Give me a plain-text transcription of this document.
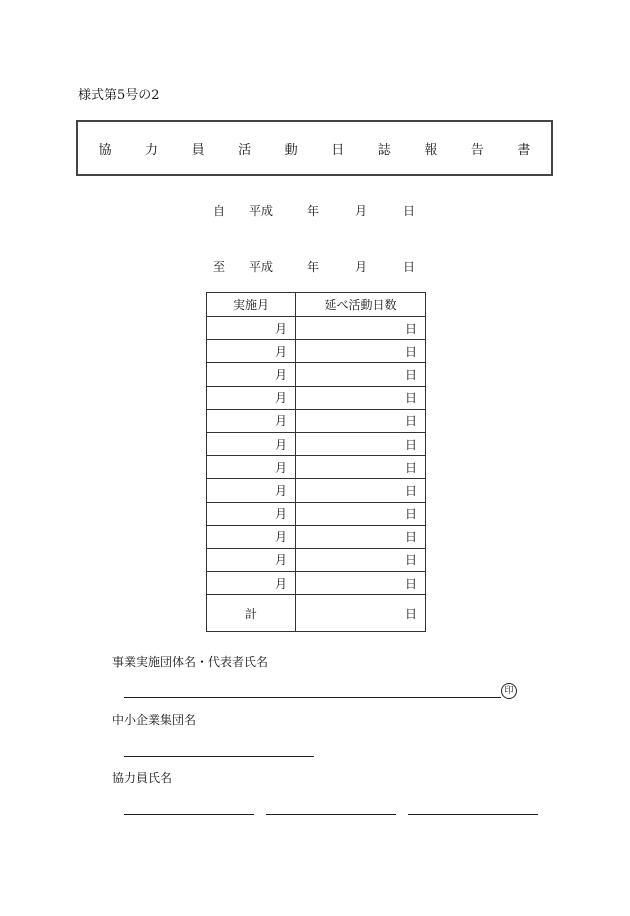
様式第5号の2
協	力	員	活	動	日	誌	報	告	書
自	平成	年	月	日
至	平成	年	月	日
実施月	延べ活動日数
月	日
月	日
月	日
月	日
月	日
月	日
月	日
月	日
月	日
月	日
月	日
月	日
計	日
事業実施団体名・代表者氏名
印
中小企業集団名
協力員氏名
